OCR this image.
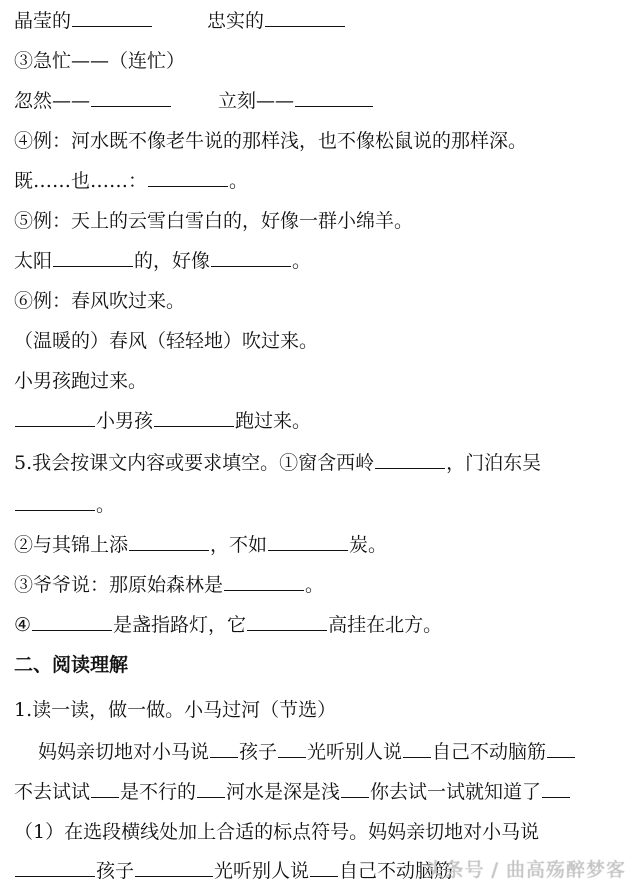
晶莹的	忠实的
③急忙——（连忙）
忽然——	立刻——
④例：河水既不像老牛说的那样浅，也不像松鼠说的那样深。
既……也……：	。
⑤例：天上的云雪白雪白的，好像一群小绵羊。
太阳	的，好像	。
⑥例：春风吹过来。
（温暖的）春风（轻轻地）吹过来。
小男孩跑过来。
小男孩	跑过来。
5.我会按课文内容或要求填空。①窗含西岭	，门泊东吴
。
②与其锦上添	，不如	炭。
③爷爷说：那原始森林是	。
④	是盏指路灯，它	高挂在北方。
二、阅读理解
1.读一读，做一做。小马过河（节选）
妈妈亲切地对小马说 孩子 光听别人说 自己不动脑筋
不去试试 是不行的 河水是深是浅 你去试一试就知道了
（1）在选段横线处加上合适的标点符号。妈妈亲切地对小马说
孩子	光听别人说 自己不动脑筋
头条号 / 曲高殇醉梦客
